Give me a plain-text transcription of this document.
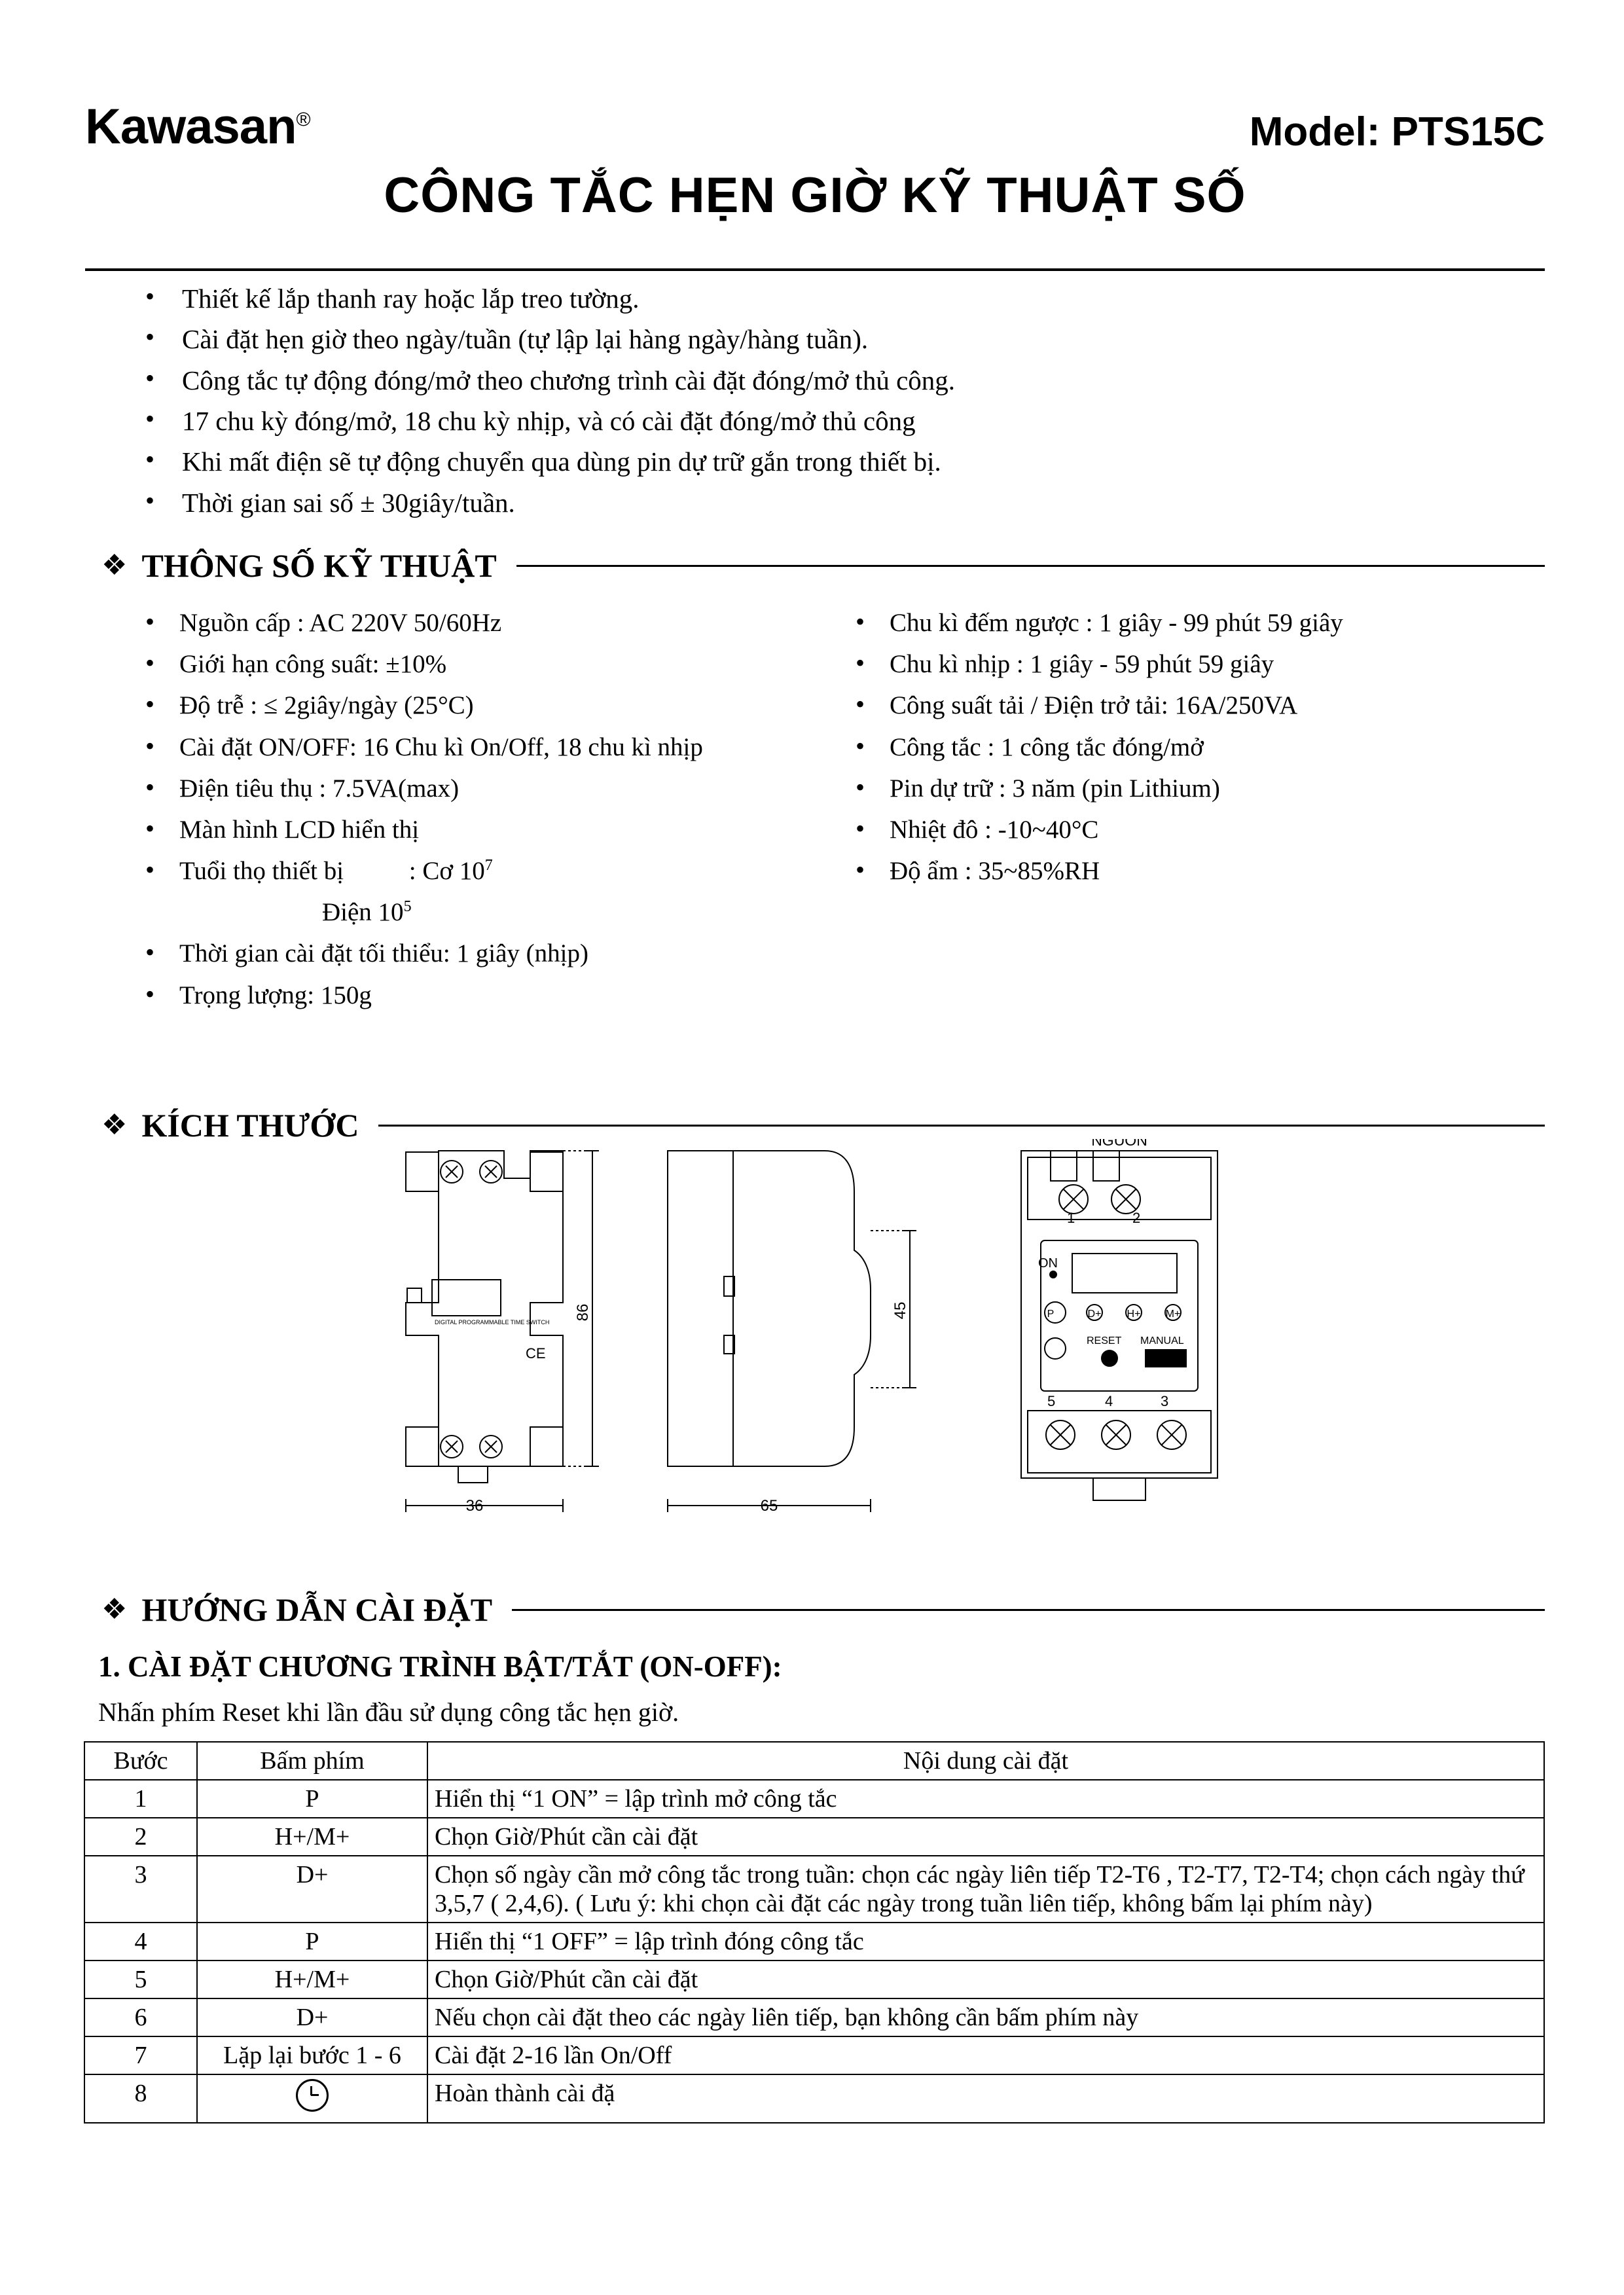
Kawasan®	Model: PTS15C
CÔNG TẮC HẸN GIỜ KỸ THUẬT SỐ
• Thiết kế lắp thanh ray hoặc lắp treo tường.
• Cài đặt hẹn giờ theo ngày/tuần (tự lập lại hàng ngày/hàng tuần).
• Công tắc tự động đóng/mở theo chương trình cài đặt đóng/mở thủ công.
• 17 chu kỳ đóng/mở, 18 chu kỳ nhịp, và có cài đặt đóng/mở thủ công
• Khi mất điện sẽ tự động chuyển qua dùng pin dự trữ gắn trong thiết bị.
• Thời gian sai số ± 30giây/tuần.
❖ THÔNG SỐ KỸ THUẬT
• Nguồn cấp : AC 220V 50/60Hz
• Giới hạn công suất: ±10%
• Độ trễ : ≤ 2giây/ngày (25°C)
• Cài đặt ON/OFF: 16 Chu kì On/Off, 18 chu kì nhịp
• Điện tiêu thụ : 7.5VA(max)
• Màn hình LCD hiển thị
• Tuổi thọ thiết bị	: Cơ $10^7$
Điện $10^5$
• Thời gian cài đặt tối thiểu: 1 giây (nhịp)
• Trọng lượng: 150g
• Chu kì đếm ngược : 1 giây - 99 phút 59 giây
• Chu kì nhịp : 1 giây - 59 phút 59 giây
• Công suất tải / Điện trở tải: 16A/250VA
• Công tắc : 1 công tắc đóng/mở
• Pin dự trữ : 3 năm (pin Lithium)
• Nhiệt đô : -10~40°C
• Độ ẩm : 35~85%RH
❖ KÍCH THƯỚC
36	65
86	45
CE
NGUỒN
1	2
5	4	3
ON
P	D+ H+ M+
RESET MANUAL
DIGITAL PROGRAMMABLE TIME SWITCH
❖ HƯỚNG DẪN CÀI ĐẶT
1. CÀI ĐẶT CHƯƠNG TRÌNH BẬT/TẮT (ON-OFF):
Nhấn phím Reset khi lần đầu sử dụng công tắc hẹn giờ.
Bước	Bấm phím	Nội dung cài đặt
1	P	Hiển thị “1 ON” = lập trình mở công tắc
2	H+/M+	Chọn Giờ/Phút cần cài đặt
3	D+	Chọn số ngày cần mở công tắc trong tuần: chọn các ngày liên tiếp T2-T6 , T2-T7, T2-T4; chọn cách ngày thứ 3,5,7 ( 2,4,6). ( Lưu ý: khi chọn cài đặt các ngày trong tuần liên tiếp, không bấm lại phím này)
4	P	Hiển thị “1 OFF” = lập trình đóng công tắc
5	H+/M+	Chọn Giờ/Phút cần cài đặt
6	D+	Nếu chọn cài đặt theo các ngày liên tiếp, bạn không cần bấm phím này
7	Lặp lại bước 1 - 6	Cài đặt 2-16 lần On/Off
8		Hoàn thành cài đặ
